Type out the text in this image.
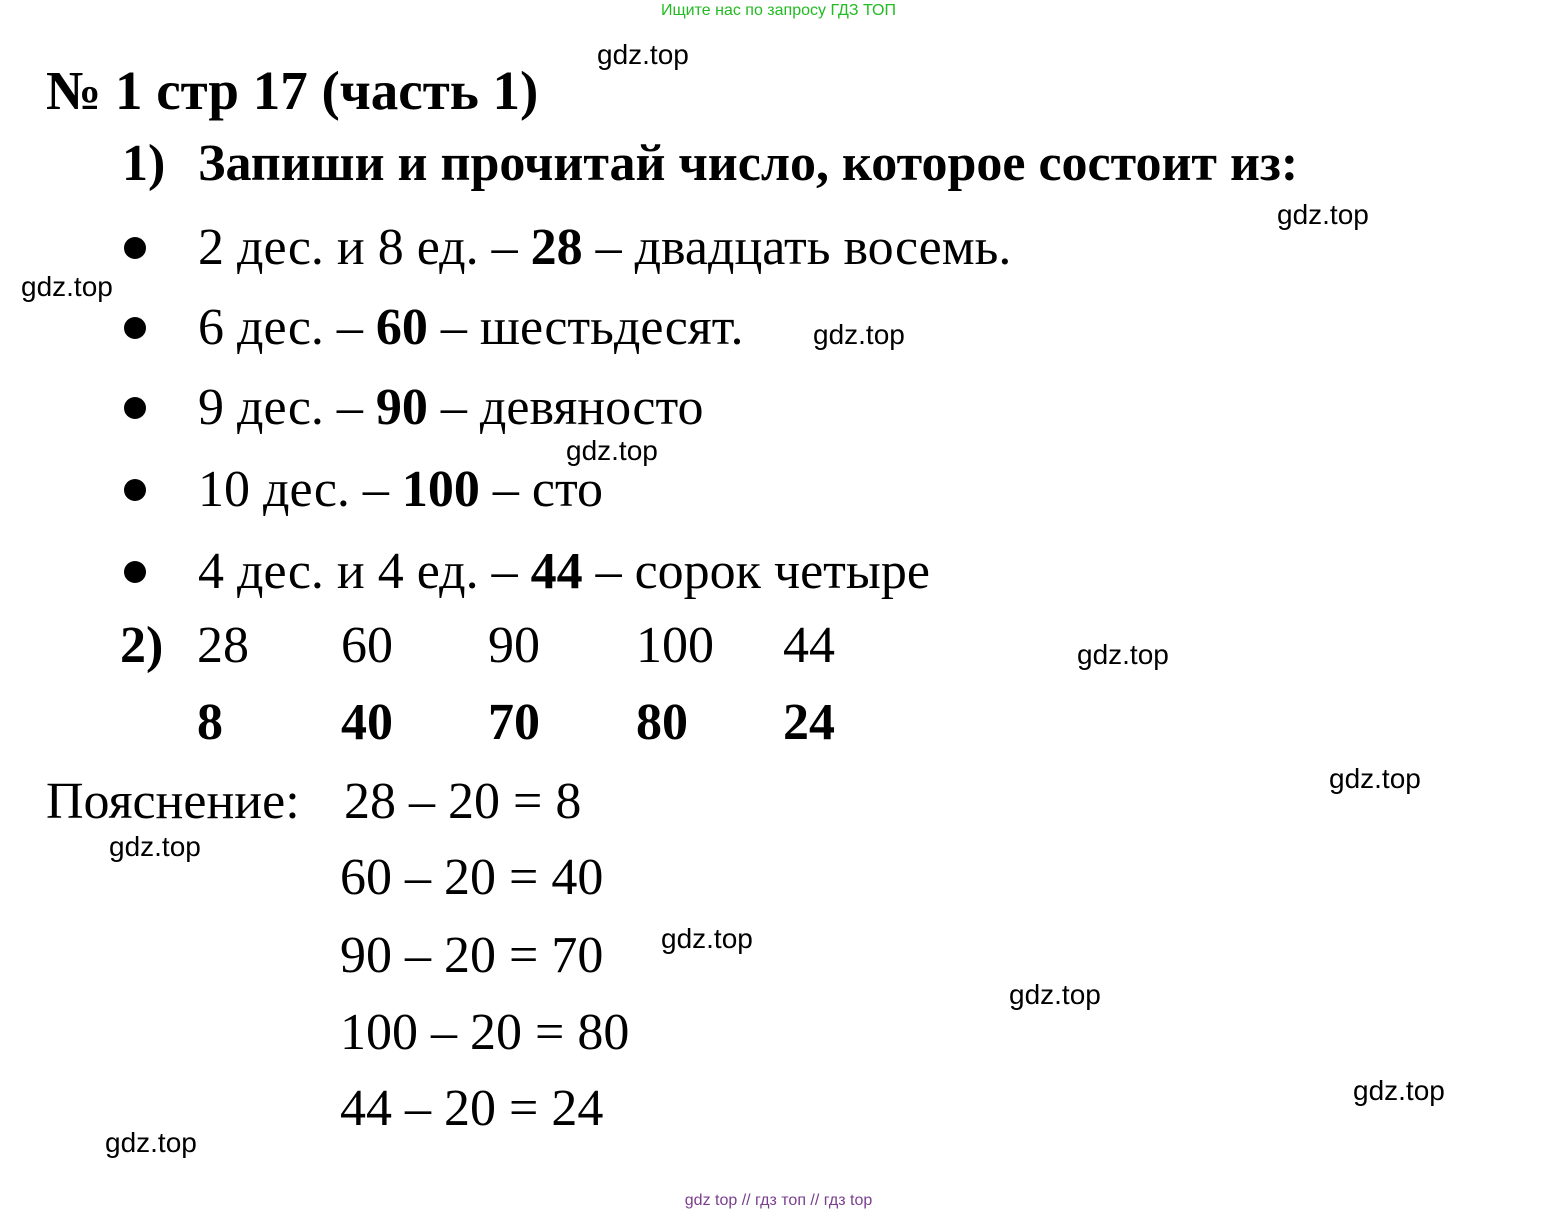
Ищите нас по запросу ГДЗ ТОП
№ 1 стр 17 (часть 1)
1) Запиши и прочитай число, которое состоит из:
2 дес. и 8 ед. – 28 – двадцать восемь.
6 дес. – 60 – шестьдесят.
9 дес. – 90 – девяносто
10 дес. – 100 – сто
4 дес. и 4 ед. – 44 – сорок четыре
2) 28 60 90 100 44
8 40 70 80 24
Пояснение: 28 – 20 = 8
60 – 20 = 40
90 – 20 = 70
100 – 20 = 80
44 – 20 = 24
gdz.top
gdz.top
gdz.top
gdz.top
gdz.top
gdz.top
gdz.top
gdz.top
gdz.top
gdz.top
gdz.top
gdz.top
gdz top // гдз топ // гдз top
